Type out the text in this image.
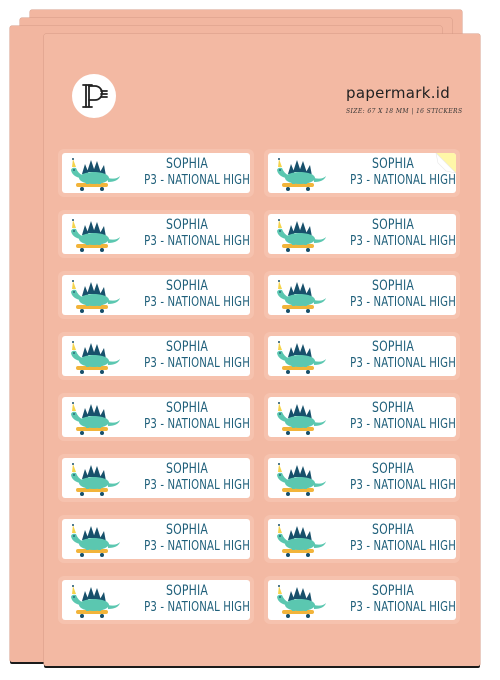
papermark.id
SIZE: 67 X 18 MM | 16 STICKERS
SOPHIA
P3 - NATIONAL HIGH
SOPHIA
P3 - NATIONAL HIGH
SOPHIA
P3 - NATIONAL HIGH
SOPHIA
P3 - NATIONAL HIGH
SOPHIA
P3 - NATIONAL HIGH
SOPHIA
P3 - NATIONAL HIGH
SOPHIA
P3 - NATIONAL HIGH
SOPHIA
P3 - NATIONAL HIGH
SOPHIA
P3 - NATIONAL HIGH
SOPHIA
P3 - NATIONAL HIGH
SOPHIA
P3 - NATIONAL HIGH
SOPHIA
P3 - NATIONAL HIGH
SOPHIA
P3 - NATIONAL HIGH
SOPHIA
P3 - NATIONAL HIGH
SOPHIA
P3 - NATIONAL HIGH
SOPHIA
P3 - NATIONAL HIGH
